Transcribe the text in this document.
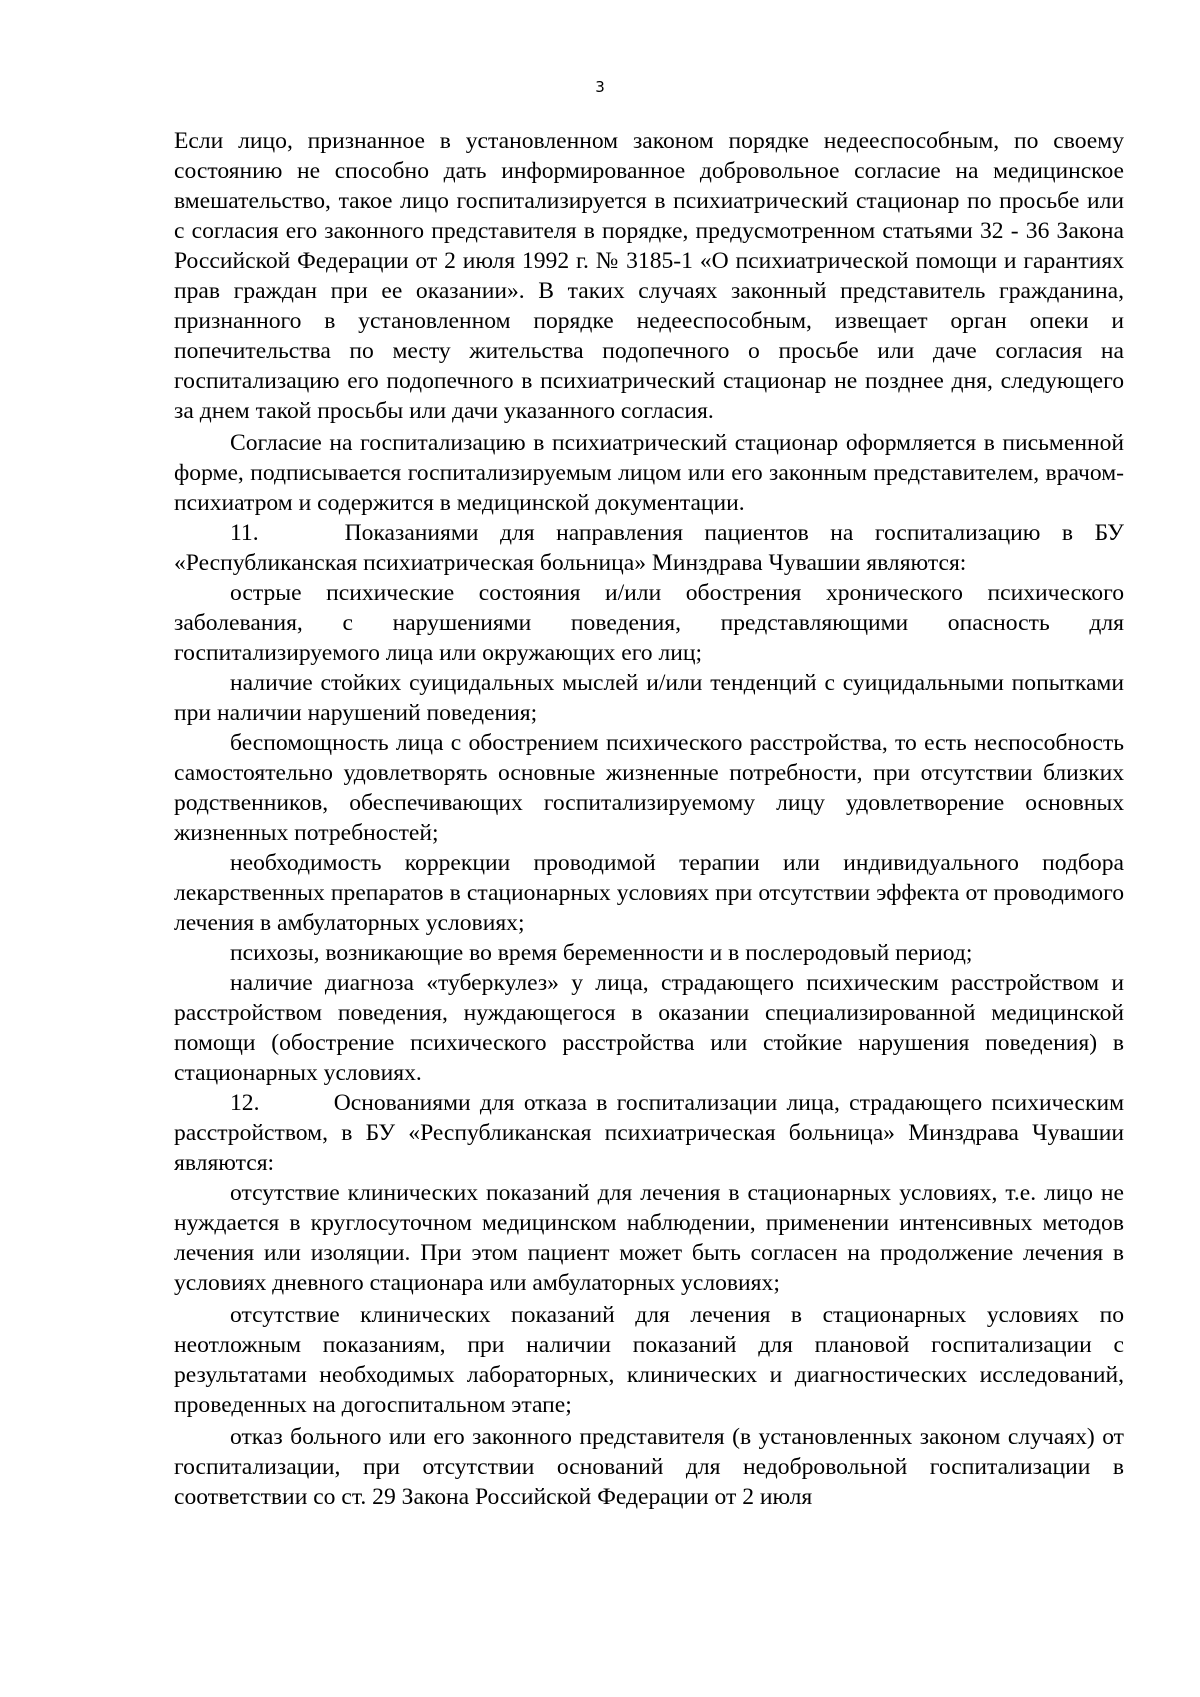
3

Если лицо, признанное в установленном законом порядке недееспособным, по своему состоянию не способно дать информированное добровольное согласие на медицинское вмешательство, такое лицо госпитализируется в психиатрический стационар по просьбе или с согласия его законного представителя в порядке, предусмотренном статьями 32 - 36 Закона Российской Федерации от 2 июля 1992 г. № 3185-1 «О психиатрической помощи и гарантиях прав граждан при ее оказании». В таких случаях законный представитель гражданина, признанного в установленном порядке недееспособным, извещает орган опеки и попечительства по месту жительства подопечного о просьбе или даче согласия на госпитализацию его подопечного в психиатрический стационар не позднее дня, следующего за днем такой просьбы или дачи указанного согласия.

Согласие на госпитализацию в психиатрический стационар оформляется в письменной форме, подписывается госпитализируемым лицом или его законным представителем, врачом-психиатром и содержится в медицинской документации.

11.    Показаниями для направления пациентов на госпитализацию в БУ «Республиканская психиатрическая больница» Минздрава Чувашии являются:

острые психические состояния и/или обострения хронического психического заболевания, с нарушениями поведения, представляющими опасность для госпитализируемого лица или окружающих его лиц;

наличие стойких суицидальных мыслей и/или тенденций с суицидальными попытками при наличии нарушений поведения;

беспомощность лица с обострением психического расстройства, то есть неспособность самостоятельно удовлетворять основные жизненные потребности, при отсутствии близких родственников, обеспечивающих госпитализируемому лицу удовлетворение основных жизненных потребностей;

необходимость коррекции проводимой терапии или индивидуального подбора лекарственных препаратов в стационарных условиях при отсутствии эффекта от проводимого лечения в амбулаторных условиях;

психозы, возникающие во время беременности и в послеродовый период;

наличие диагноза «туберкулез» у лица, страдающего психическим расстройством и расстройством поведения, нуждающегося в оказании специализированной медицинской помощи (обострение психического расстройства или стойкие нарушения поведения) в стационарных условиях.

12.        Основаниями для отказа в госпитализации лица, страдающего психическим расстройством, в БУ «Республиканская психиатрическая больница» Минздрава Чувашии являются:

отсутствие клинических показаний для лечения в стационарных условиях, т.е. лицо не нуждается в круглосуточном медицинском наблюдении, применении интенсивных методов лечения или изоляции. При этом пациент может быть согласен на продолжение лечения в условиях дневного стационара или амбулаторных условиях;

отсутствие клинических показаний для лечения в стационарных условиях по неотложным показаниям, при наличии показаний для плановой госпитализации с результатами необходимых лабораторных, клинических и диагностических исследований, проведенных на догоспитальном этапе;

отказ больного или его законного представителя (в установленных законом случаях) от госпитализации, при отсутствии оснований для недобровольной госпитализации в соответствии со ст. 29 Закона Российской Федерации от 2 июля
